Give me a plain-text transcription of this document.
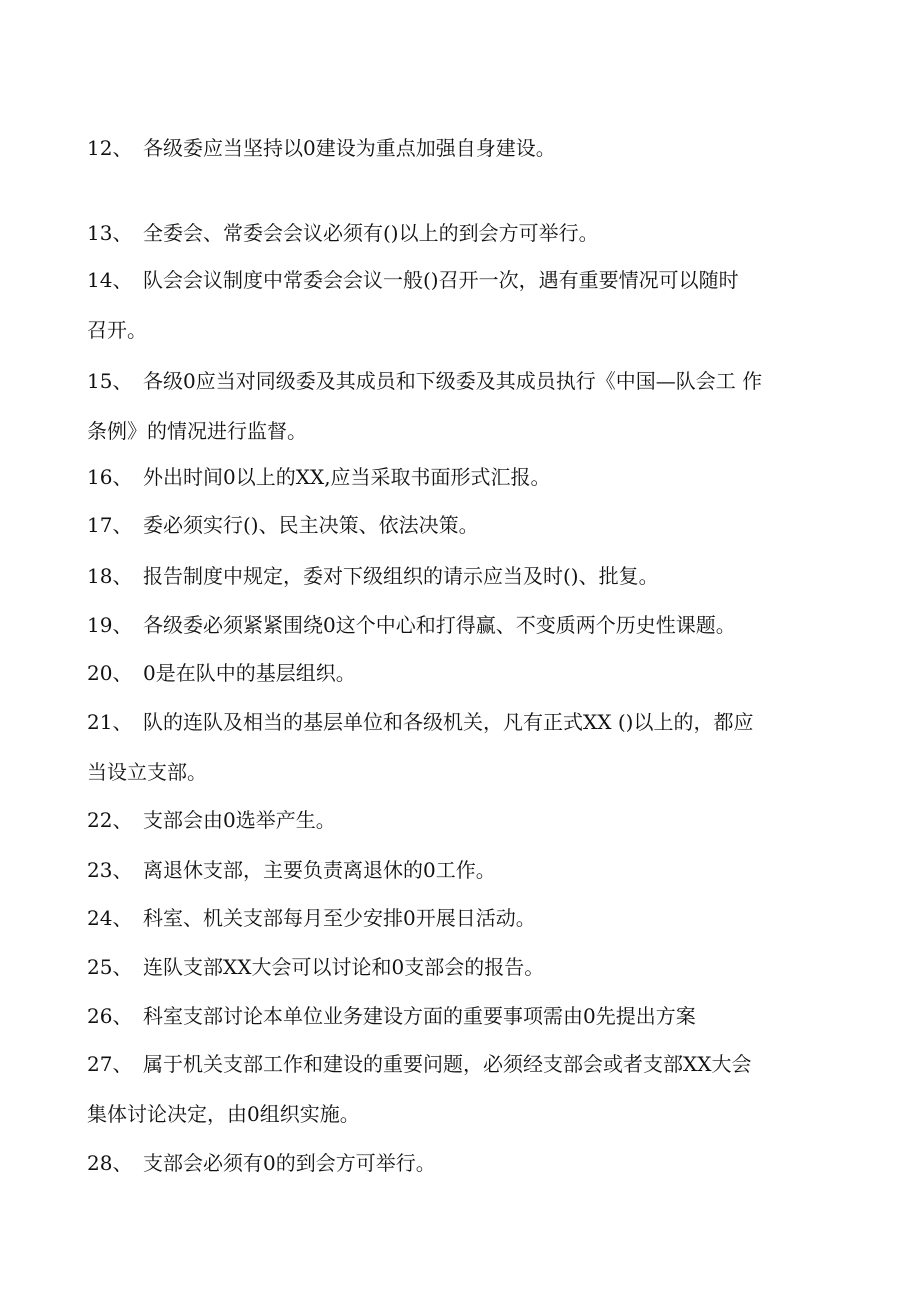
12、 各级委应当坚持以0建设为重点加强自身建设。
13、 全委会、常委会会议必须有()以上的到会方可举行。
14、 队会会议制度中常委会会议一般()召开一次，遇有重要情况可以随时
召开。
15、 各级0应当对同级委及其成员和下级委及其成员执行《中国—队会工 作
条例》的情况进行监督。
16、 外出时间0以上的XX,应当采取书面形式汇报。
17、 委必须实行()、民主决策、依法决策。
18、 报告制度中规定，委对下级组织的请示应当及时()、批复。
19、 各级委必须紧紧围绕0这个中心和打得赢、不变质两个历史性课题。
20、 0是在队中的基层组织。
21、 队的连队及相当的基层单位和各级机关，凡有正式XX ()以上的，都应
当设立支部。
22、 支部会由0选举产生。
23、 离退休支部，主要负责离退休的0工作。
24、 科室、机关支部每月至少安排0开展日活动。
25、 连队支部XX大会可以讨论和0支部会的报告。
26、 科室支部讨论本单位业务建设方面的重要事项需由0先提出方案
27、 属于机关支部工作和建设的重要问题，必须经支部会或者支部XX大会
集体讨论决定，由0组织实施。
28、 支部会必须有0的到会方可举行。
